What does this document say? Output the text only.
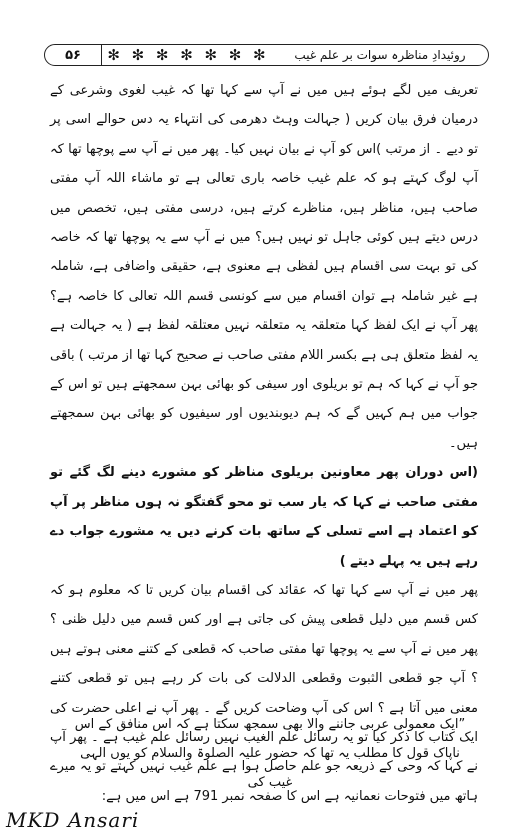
۵۶	✻ ✻ ✻ ✻ ✻ ✻ ✻	روئیدادِ مناظرہ سوات بر علم غیب

تعریف میں لگے ہوئے ہیں میں نے آپ سے کہا تھا کہ غیب لغوی وشرعی کے درمیان فرق بیان کریں ( جہالت وہٹ دھرمی کی انتہاء یہ دس حوالے اسی پر تو دیے ۔ از مرتب )اس کو آپ نے بیان نہیں کیا۔ پھر میں نے آپ سے پوچھا تھا کہ آپ لوگ کہتے ہو کہ علم غیب خاصہ باری تعالی ہے تو ماشاء اللہ آپ مفتی صاحب ہیں، مناظر ہیں، مناظرے کرتے ہیں، درسی مفتی ہیں، تخصص میں درس دیتے ہیں کوئی جاہل تو نہیں ہیں؟ میں نے آپ سے یہ پوچھا تھا کہ خاصہ کی تو بہت سی اقسام ہیں لفظی ہے معنوی ہے، حقیقی واضافی ہے، شاملہ ہے غیر شاملہ ہے توان اقسام میں سے کونسی قسم اللہ تعالی کا خاصہ ہے؟ پھر آپ نے ایک لفظ کہا متعلقہ یہ متعلقہ نہیں معتلقہ لفظ ہے ( یہ جہالت ہے یہ لفظ متعلق ہی ہے بکسر اللام مفتی صاحب نے صحیح کہا تھا از مرتب ) باقی جو آپ نے کہا کہ ہم تو بریلوی اور سیفی کو بھائی بہن سمجھتے ہیں تو اس کے جواب میں ہم کہیں گے کہ ہم دیوبندیوں اور سیفیوں کو بھائی بہن سمجھتے ہیں۔

(اس دوران پھر معاونین بریلوی مناظر کو مشورے دینے لگ گئے تو مفتی صاحب نے کہا کہ یار سب تو محو گفتگو نہ ہوں مناظر پر آپ کو اعتماد ہے اسے تسلی کے ساتھ بات کرنے دیں یہ مشورے جواب دے رہے ہیں یہ پہلے دیتے )

پھر میں نے آپ سے کہا تھا کہ عقائد کی اقسام بیان کریں تا کہ معلوم ہو کہ کس قسم میں دلیل قطعی پیش کی جاتی ہے اور کس قسم میں دلیل ظنی ؟ پھر میں نے آپ سے یہ پوچھا تھا مفتی صاحب کہ قطعی کے کتنے معنی ہوتے ہیں ؟ آپ جو قطعی الثبوت وقطعی الدلالت کی بات کر رہے ہیں تو قطعی کتنے معنی میں آتا ہے ؟ اس کی آپ وضاحت کریں گے ۔ پھر آپ نے اعلی حضرت کی ایک کتاب کا ذکر کیا تو یہ رسائل علم الغیب نہیں رسائل علم غیب ہے ۔ پھر آپ نے کہا کہ وحی کے ذریعہ جو علم حاصل ہوا ہے علم غیب نہیں کہتے تو یہ میرے ہاتھ میں فتوحات نعمانیہ ہے اس کا صفحہ نمبر 791 ہے اس میں ہے:

”ایک معمولی عربی جاننے والا بھی سمجھ سکتا ہے کہ اس منافق کے اس
ناپاک قول کا مطلب یہ تھا کہ حضور علیہ الصلوۃ والسلام کو یوں الہی غیب کی
MKD Ansari
